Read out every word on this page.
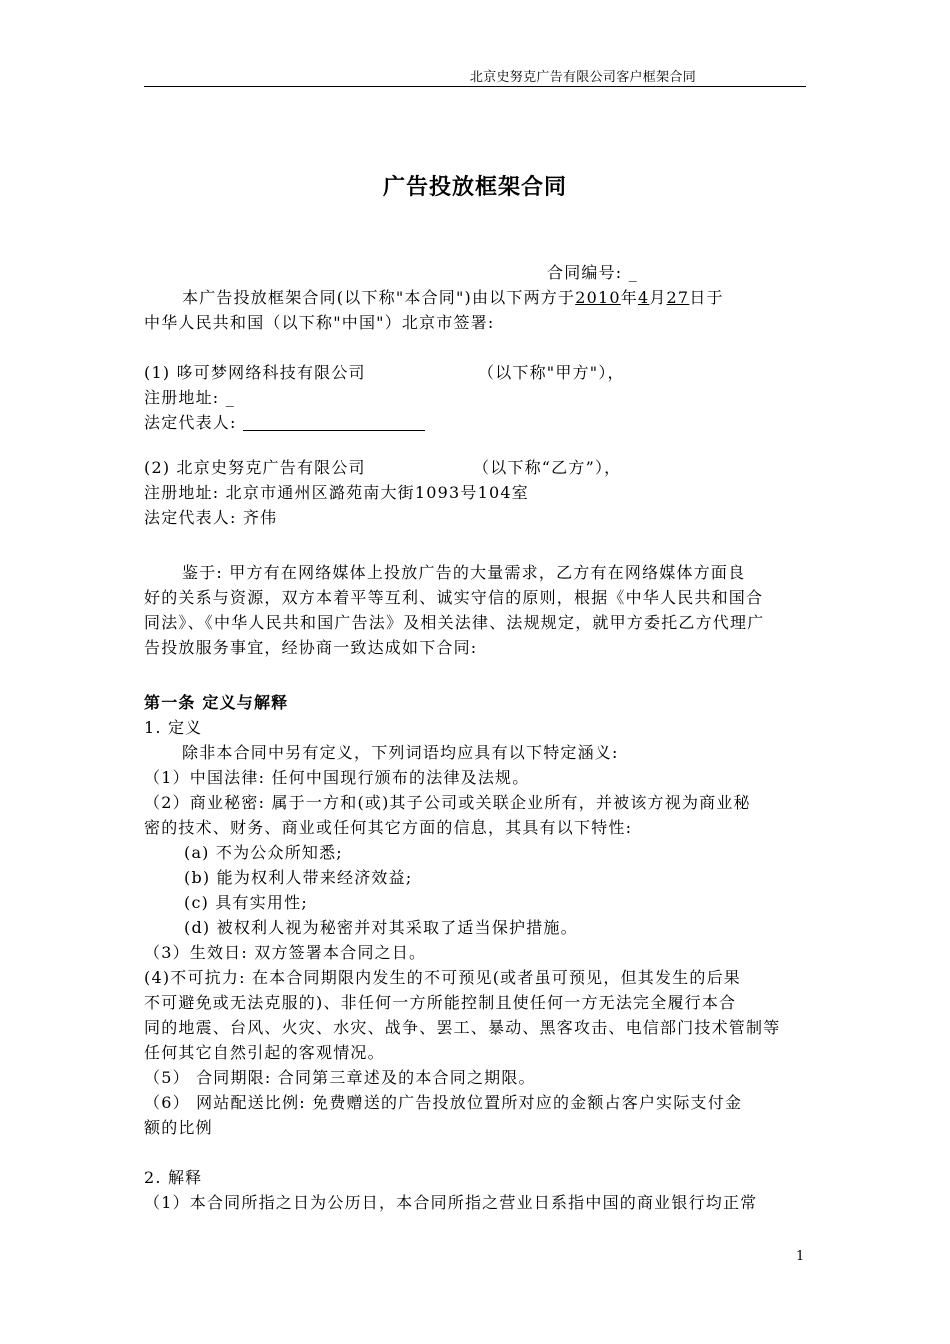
北京史努克广告有限公司客户框架合同
广告投放框架合同
合同编号: _
本广告投放框架合同(以下称"本合同")由以下两方于2010年4月27日于
中华人民共和国（以下称"中国"）北京市签署:
(1) 哆可梦网络科技有限公司	（以下称"甲方"），
注册地址: _
法定代表人:
(2) 北京史努克广告有限公司	（以下称“乙方”），
注册地址: 北京市通州区潞苑南大街1093号104室
法定代表人: 齐伟
鉴于: 甲方有在网络媒体上投放广告的大量需求，乙方有在网络媒体方面良
好的关系与资源，双方本着平等互利、诚实守信的原则，根据《中华人民共和国合
同法》、《中华人民共和国广告法》及相关法律、法规规定，就甲方委托乙方代理广
告投放服务事宜，经协商一致达成如下合同:
第一条 定义与解释
1. 定义
除非本合同中另有定义，下列词语均应具有以下特定涵义:
（1）中国法律: 任何中国现行颁布的法律及法规。
（2）商业秘密: 属于一方和(或)其子公司或关联企业所有，并被该方视为商业秘
密的技术、财务、商业或任何其它方面的信息，其具有以下特性:
(a) 不为公众所知悉;
(b) 能为权利人带来经济效益;
(c) 具有实用性;
(d) 被权利人视为秘密并对其采取了适当保护措施。
（3）生效日: 双方签署本合同之日。
(4)不可抗力: 在本合同期限内发生的不可预见(或者虽可预见，但其发生的后果
不可避免或无法克服的)、非任何一方所能控制且使任何一方无法完全履行本合
同的地震、台风、火灾、水灾、战争、罢工、暴动、黑客攻击、电信部门技术管制等
任何其它自然引起的客观情况。
（5） 合同期限: 合同第三章述及的本合同之期限。
（6） 网站配送比例: 免费赠送的广告投放位置所对应的金额占客户实际支付金
额的比例
2. 解释
（1）本合同所指之日为公历日，本合同所指之营业日系指中国的商业银行均正常
1
